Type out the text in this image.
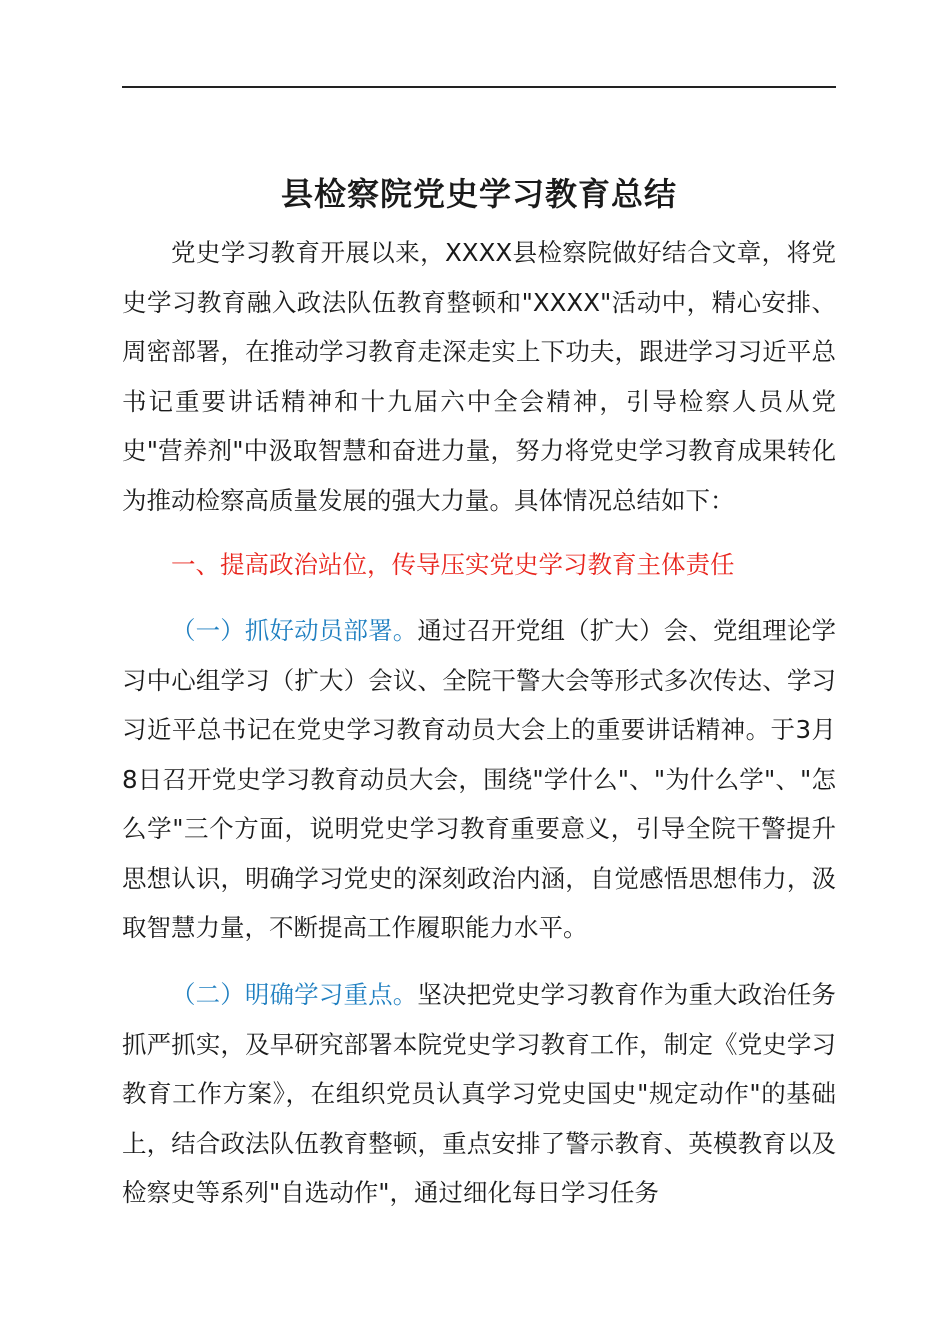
县检察院党史学习教育总结

党史学习教育开展以来，XXXX县检察院做好结合文章，将党史学习教育融入政法队伍教育整顿和"XXXX"活动中，精心安排、周密部署，在推动学习教育走深走实上下功夫，跟进学习习近平总书记重要讲话精神和十九届六中全会精神，引导检察人员从党史"营养剂"中汲取智慧和奋进力量，努力将党史学习教育成果转化为推动检察高质量发展的强大力量。具体情况总结如下：

一、提高政治站位，传导压实党史学习教育主体责任

（一）抓好动员部署。通过召开党组（扩大）会、党组理论学习中心组学习（扩大）会议、全院干警大会等形式多次传达、学习习近平总书记在党史学习教育动员大会上的重要讲话精神。于3月8日召开党史学习教育动员大会，围绕"学什么"、"为什么学"、"怎么学"三个方面，说明党史学习教育重要意义，引导全院干警提升思想认识，明确学习党史的深刻政治内涵，自觉感悟思想伟力，汲取智慧力量，不断提高工作履职能力水平。

（二）明确学习重点。坚决把党史学习教育作为重大政治任务抓严抓实，及早研究部署本院党史学习教育工作，制定《党史学习教育工作方案》，在组织党员认真学习党史国史"规定动作"的基础上，结合政法队伍教育整顿，重点安排了警示教育、英模教育以及检察史等系列"自选动作"，通过细化每日学习任务
